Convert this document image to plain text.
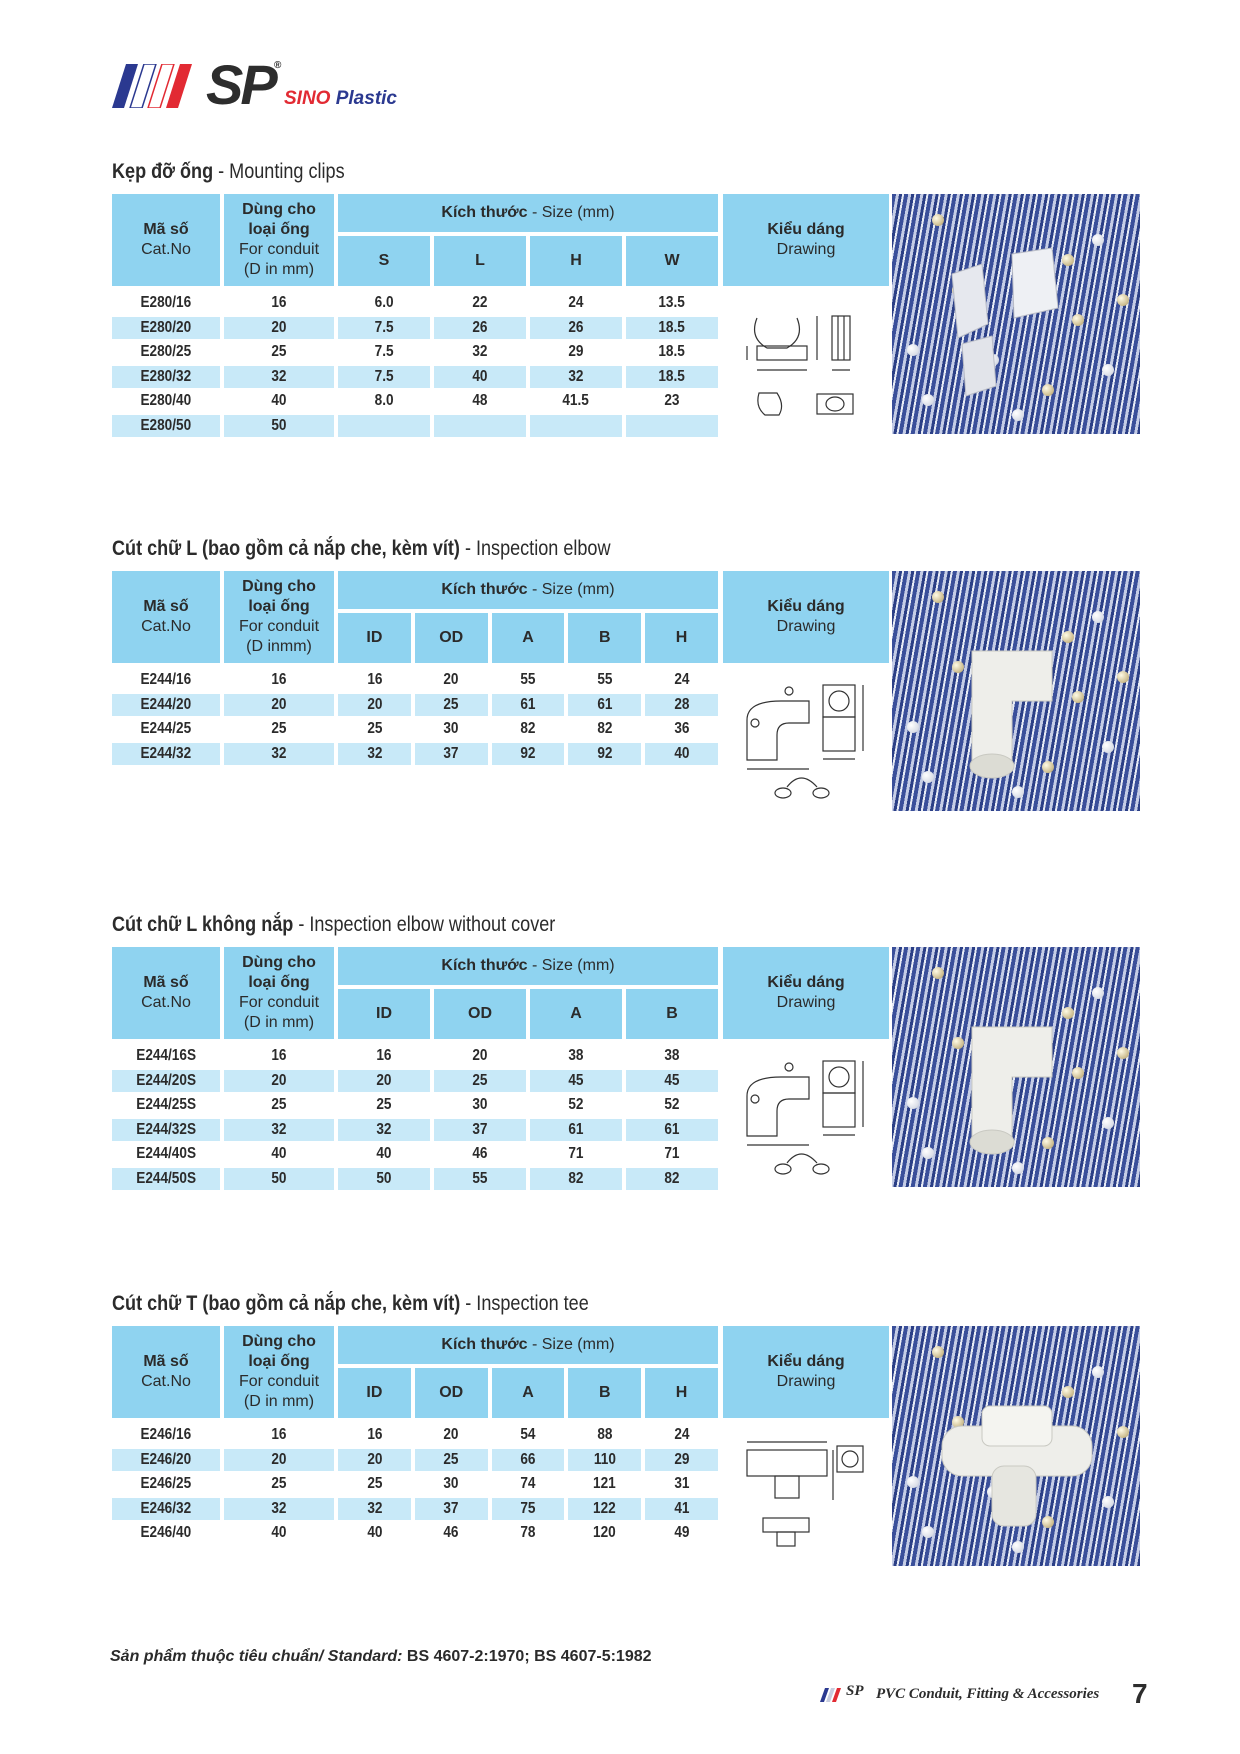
SP ®
SINO Plastic
Kẹp đỡ ống - Mounting clips
Mã số
Cat.No
Dùng cho
loại ống
For conduit
(D in mm)
Kích thước
- Size (mm)
S	L	H	W
Kiểu dáng
Drawing
E280/16	16	6.0	22	24	13.5
E280/20	20	7.5	26	26	18.5
E280/25	25	7.5	32	29	18.5
E280/32	32	7.5	40	32	18.5
E280/40	40	8.0	48	41.5	23
E280/50	50
Cút chữ L (bao gồm cả nắp che, kèm vít) - Inspection elbow
Mã số
Cat.No
Dùng cho
loại ống
For conduit
(D inmm)
Kích thước
- Size (mm)
ID	OD	A	B	H
Kiểu dáng
Drawing
E244/16	16	16	20	55	55	24
E244/20	20	20	25	61	61	28
E244/25	25	25	30	82	82	36
E244/32	32	32	37	92	92	40
Cút chữ L không nắp - Inspection elbow without cover
Mã số
Cat.No
Dùng cho
loại ống
For conduit
(D in mm)
Kích thước
- Size (mm)
ID	OD	A	B
Kiểu dáng
Drawing
E244/16S	16	16	20	38	38
E244/20S	20	20	25	45	45
E244/25S	25	25	30	52	52
E244/32S	32	32	37	61	61
E244/40S	40	40	46	71	71
E244/50S	50	50	55	82	82
Cút chữ T (bao gồm cả nắp che, kèm vít) - Inspection tee
Mã số
Cat.No
Dùng cho
loại ống
For conduit
(D in mm)
Kích thước
- Size (mm)
ID	OD	A	B	H
Kiểu dáng
Drawing
E246/16	16	16	20	54	88	24
E246/20	20	20	25	66	110	29
E246/25	25	25	30	74	121	31
E246/32	32	32	37	75	122	41
E246/40	40	40	46	78	120	49
Sản phẩm thuộc tiêu chuẩn/ Standard: BS 4607-2:1970; BS 4607-5:1982
SP PVC Conduit, Fitting & Accessories 7
